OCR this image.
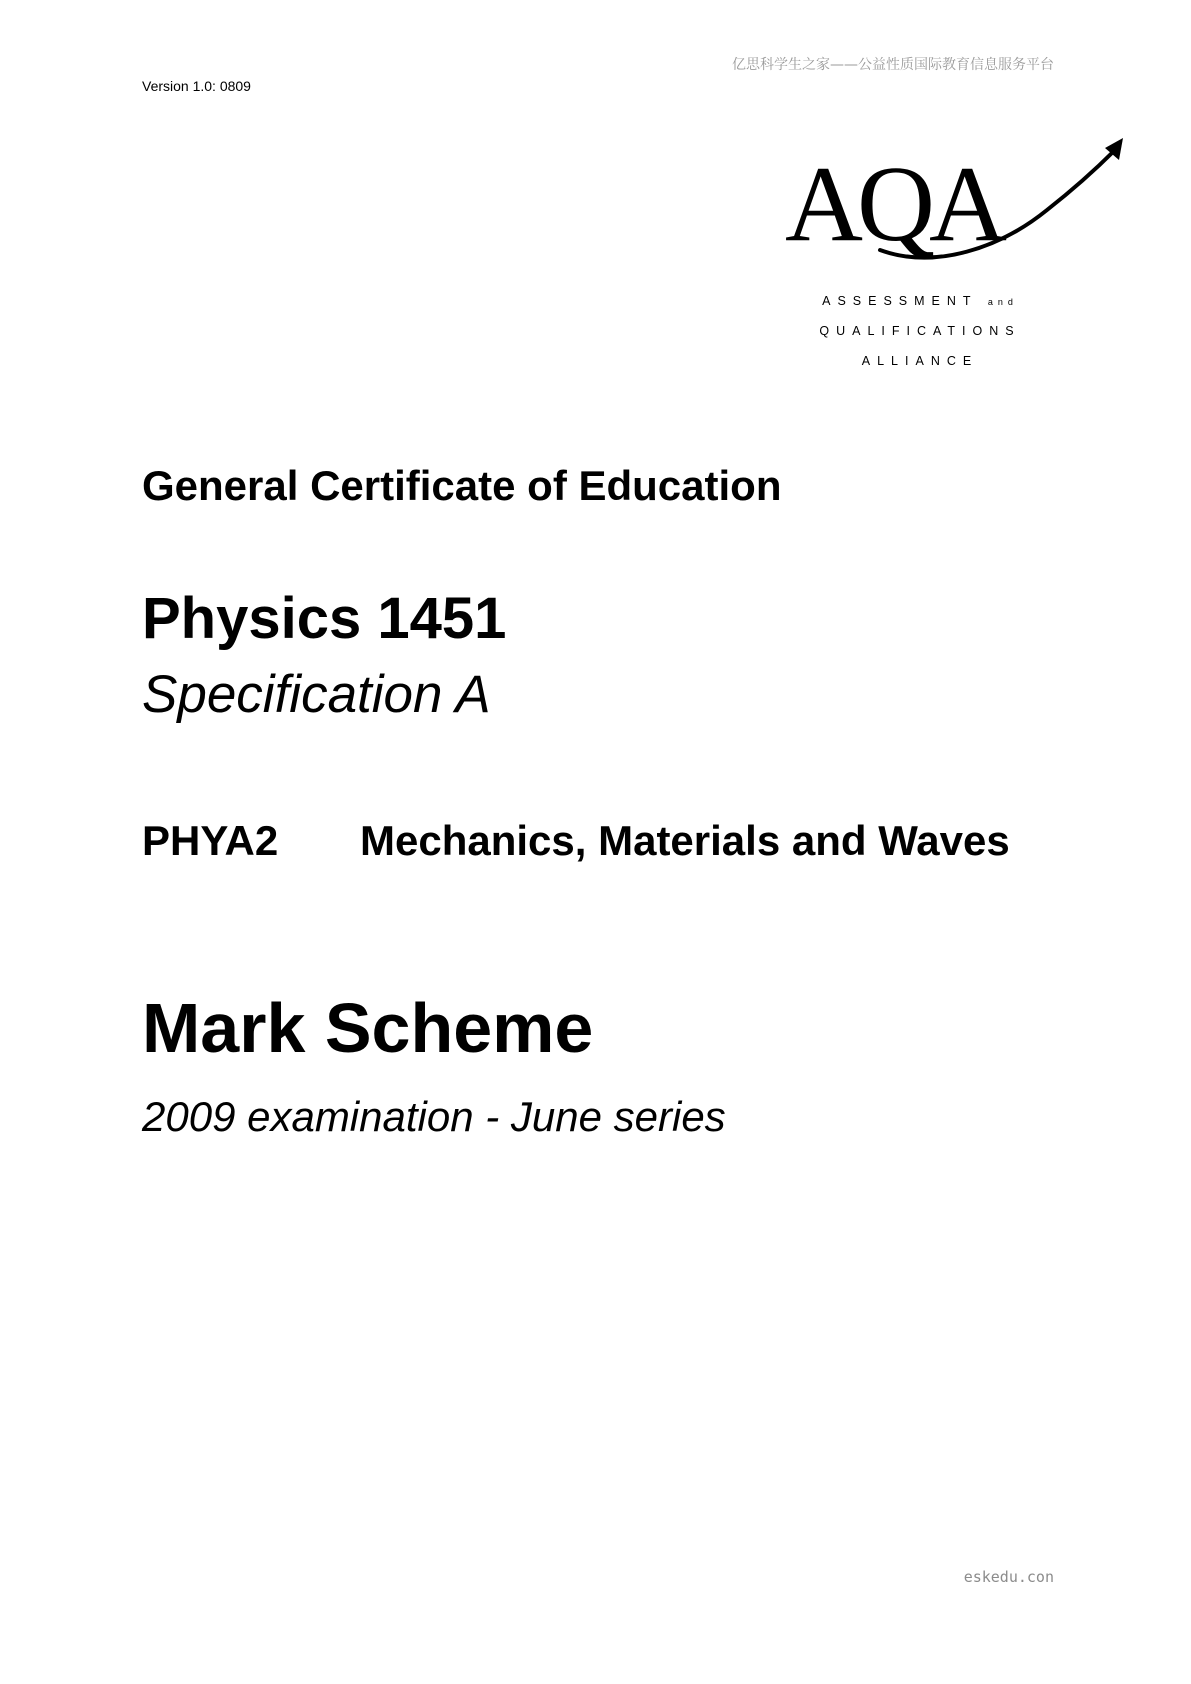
亿思科学生之家——公益性质国际教育信息服务平台
Version 1.0: 0809
AQA
ASSESSMENT and
QUALIFICATIONS
ALLIANCE
General Certificate of Education
Physics 1451
Specification A
PHYA2 Mechanics, Materials and Waves
Mark Scheme
2009 examination - June series
eskedu.con
